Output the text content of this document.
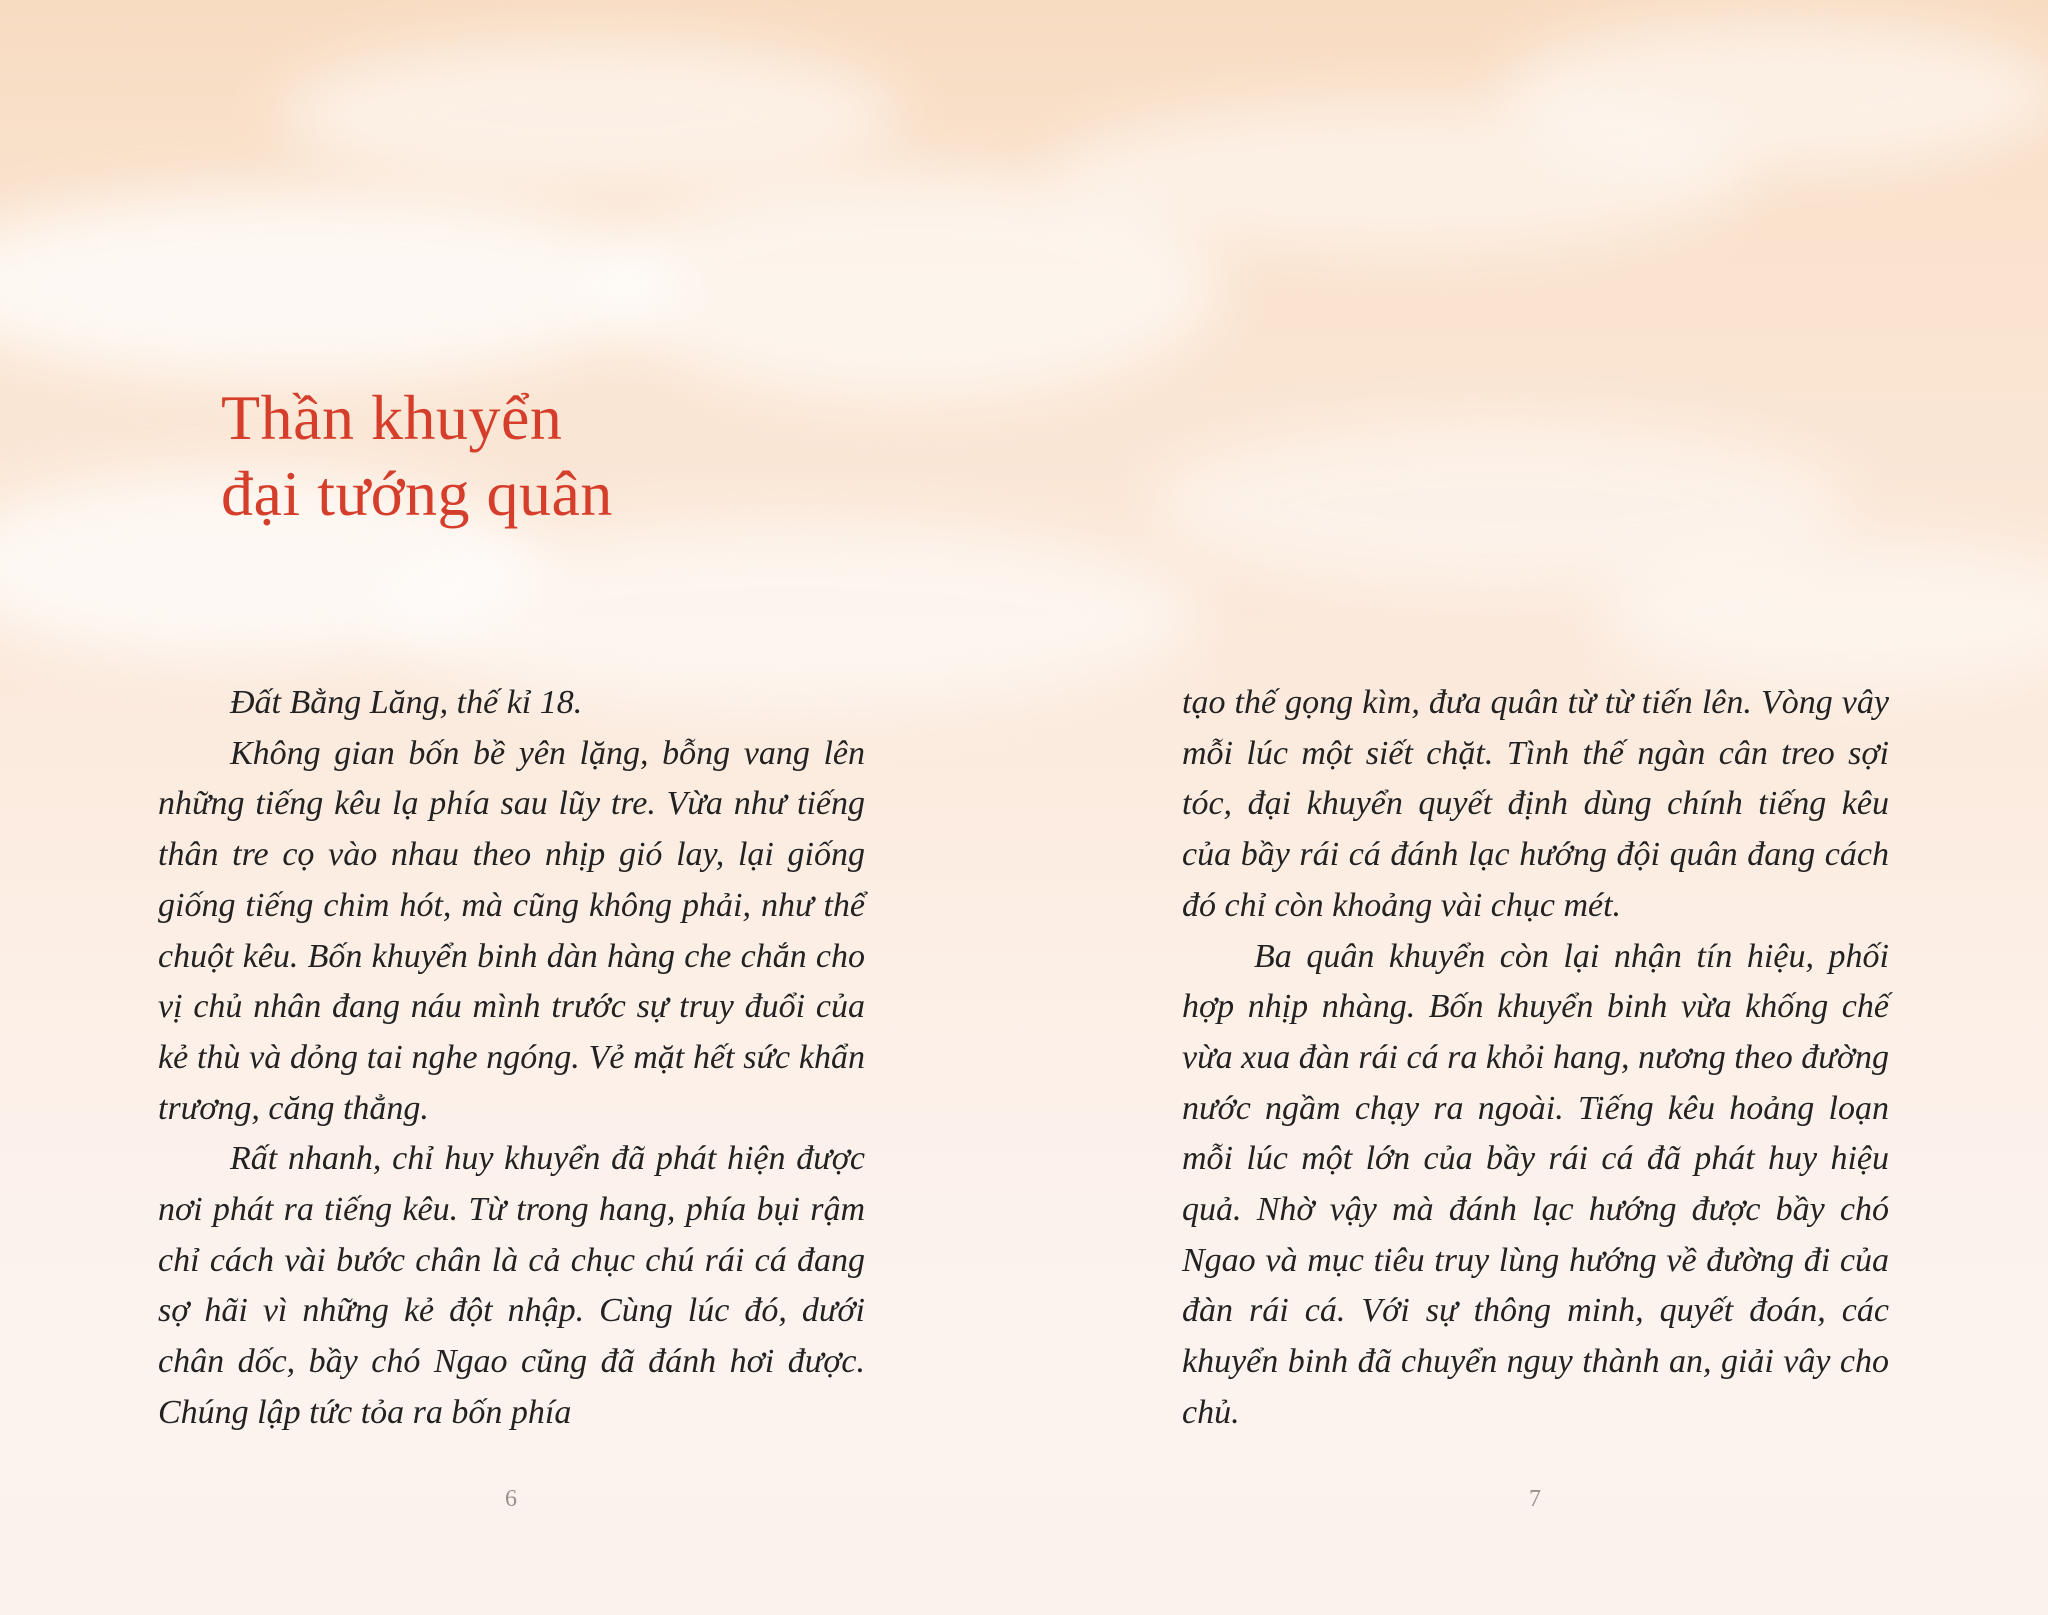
Thần khuyển
đại tướng quân

Đất Bằng Lăng, thế kỉ 18.

Không gian bốn bề yên lặng, bỗng vang lên những tiếng kêu lạ phía sau lũy tre. Vừa như tiếng thân tre cọ vào nhau theo nhịp gió lay, lại giống giống tiếng chim hót, mà cũng không phải, như thể chuột kêu. Bốn khuyển binh dàn hàng che chắn cho vị chủ nhân đang náu mình trước sự truy đuổi của kẻ thù và dỏng tai nghe ngóng. Vẻ mặt hết sức khẩn trương, căng thẳng.

Rất nhanh, chỉ huy khuyển đã phát hiện được nơi phát ra tiếng kêu. Từ trong hang, phía bụi rậm chỉ cách vài bước chân là cả chục chú rái cá đang sợ hãi vì những kẻ đột nhập. Cùng lúc đó, dưới chân dốc, bầy chó Ngao cũng đã đánh hơi được. Chúng lập tức tỏa ra bốn phía

6

tạo thế gọng kìm, đưa quân từ từ tiến lên. Vòng vây mỗi lúc một siết chặt. Tình thế ngàn cân treo sợi tóc, đại khuyển quyết định dùng chính tiếng kêu của bầy rái cá đánh lạc hướng đội quân đang cách đó chỉ còn khoảng vài chục mét.

Ba quân khuyển còn lại nhận tín hiệu, phối hợp nhịp nhàng. Bốn khuyển binh vừa khống chế vừa xua đàn rái cá ra khỏi hang, nương theo đường nước ngầm chạy ra ngoài. Tiếng kêu hoảng loạn mỗi lúc một lớn của bầy rái cá đã phát huy hiệu quả. Nhờ vậy mà đánh lạc hướng được bầy chó Ngao và mục tiêu truy lùng hướng về đường đi của đàn rái cá. Với sự thông minh, quyết đoán, các khuyển binh đã chuyển nguy thành an, giải vây cho chủ.

7
